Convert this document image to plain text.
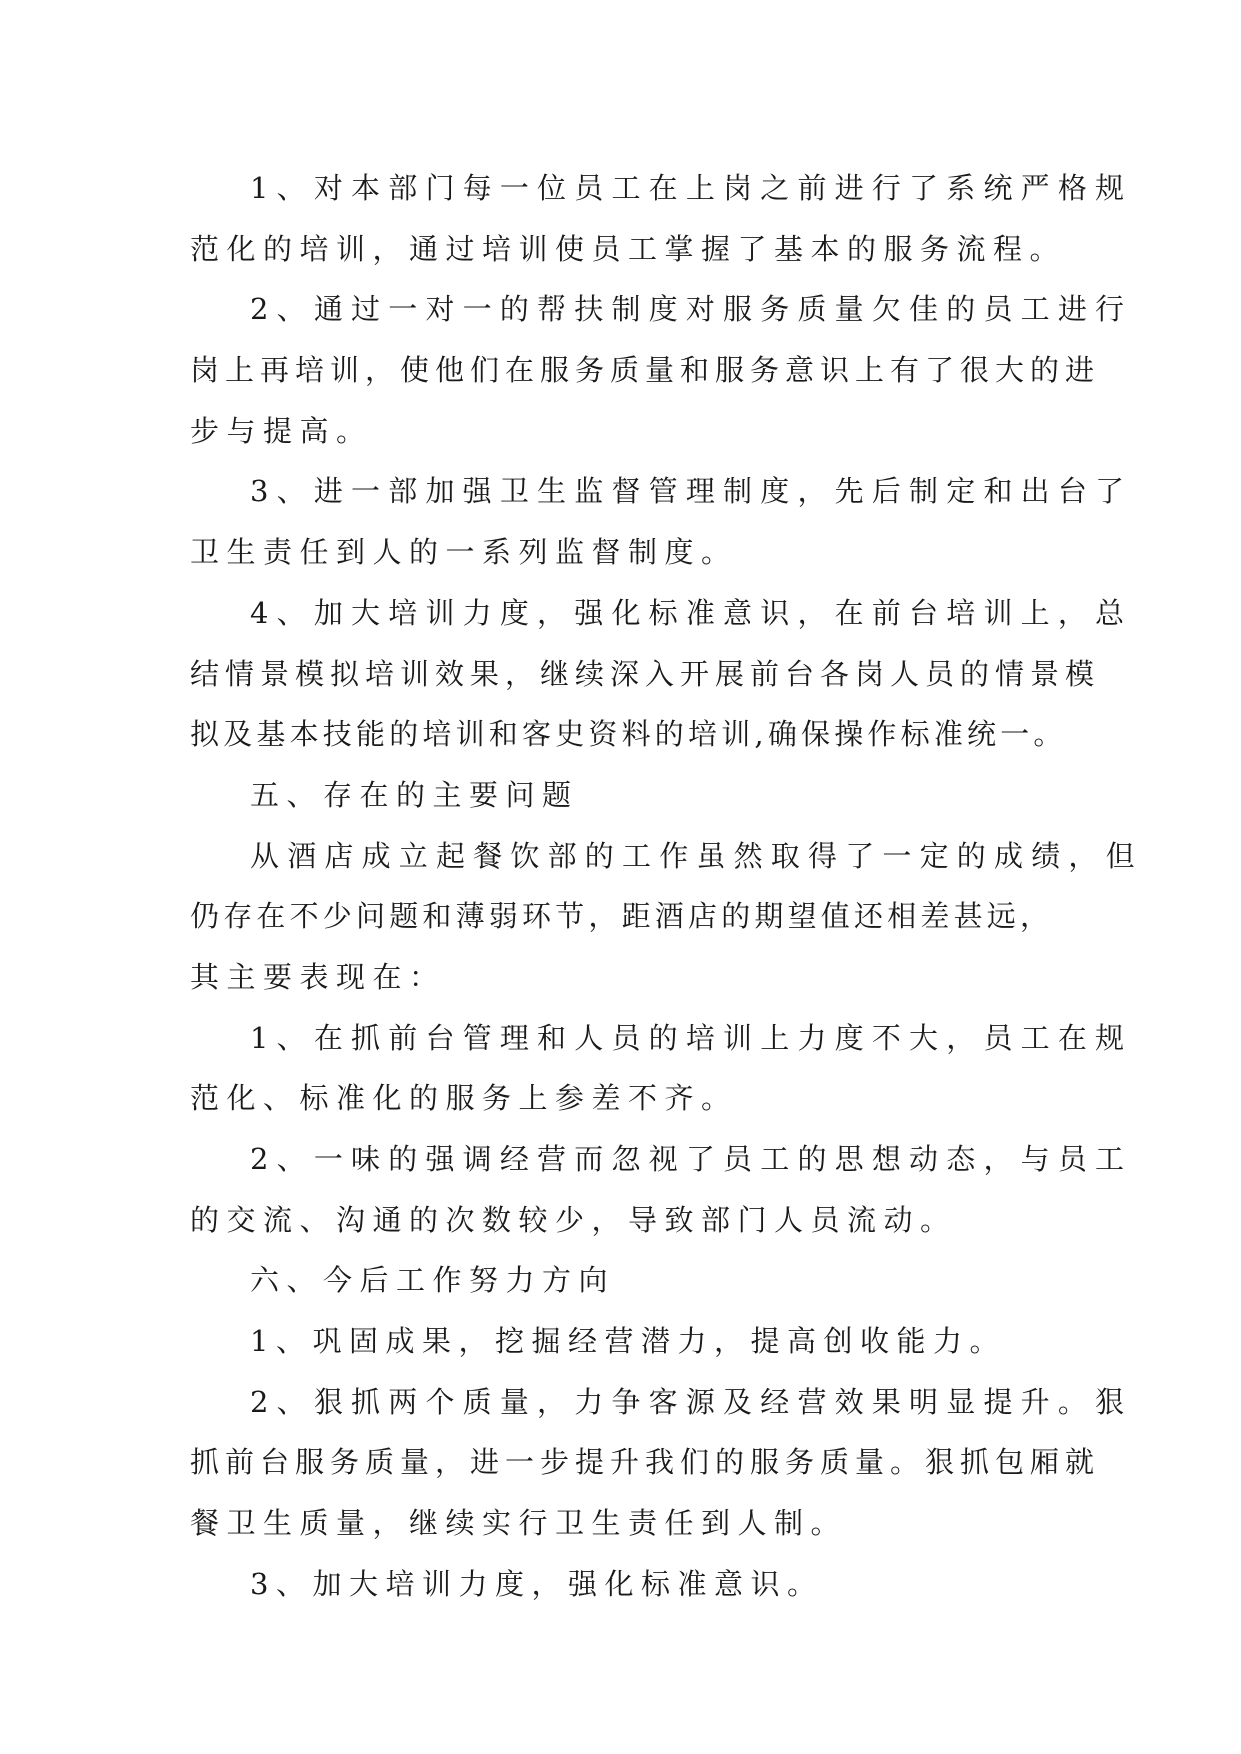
1、对本部门每一位员工在上岗之前进行了系统严格规
范化的培训，通过培训使员工掌握了基本的服务流程。
2、通过一对一的帮扶制度对服务质量欠佳的员工进行
岗上再培训，使他们在服务质量和服务意识上有了很大的进
步与提高。
3、进一部加强卫生监督管理制度，先后制定和出台了
卫生责任到人的一系列监督制度。
4、加大培训力度，强化标准意识，在前台培训上，总
结情景模拟培训效果，继续深入开展前台各岗人员的情景模
拟及基本技能的培训和客史资料的培训,确保操作标准统一。
五、存在的主要问题
从酒店成立起餐饮部的工作虽然取得了一定的成绩，但
仍存在不少问题和薄弱环节，距酒店的期望值还相差甚远，
其主要表现在：
1、在抓前台管理和人员的培训上力度不大，员工在规
范化、标准化的服务上参差不齐。
2、一味的强调经营而忽视了员工的思想动态，与员工
的交流、沟通的次数较少，导致部门人员流动。
六、今后工作努力方向
1、巩固成果，挖掘经营潜力，提高创收能力。
2、狠抓两个质量，力争客源及经营效果明显提升。狠
抓前台服务质量，进一步提升我们的服务质量。狠抓包厢就
餐卫生质量，继续实行卫生责任到人制。
3、加大培训力度，强化标准意识。
